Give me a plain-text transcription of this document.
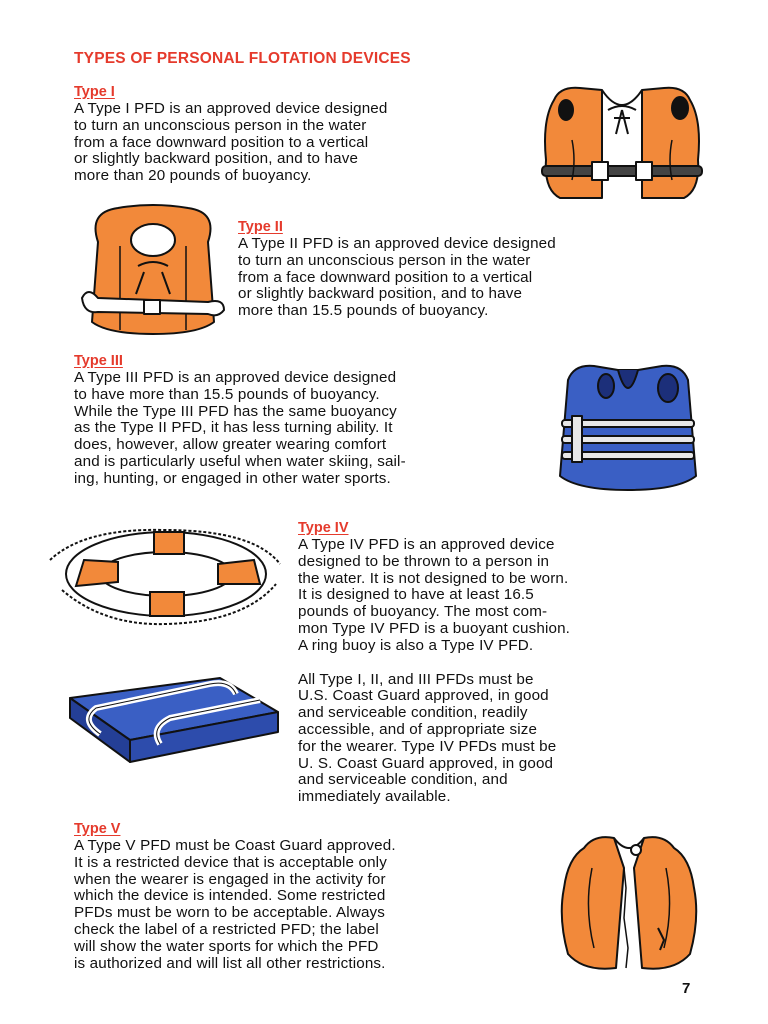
TYPES OF PERSONAL FLOTATION DEVICES

Type I

A Type I PFD is an approved device designed
to turn an unconscious person in the water
from a face downward position to a vertical
or slightly backward position, and to have
more than 20 pounds of buoyancy.

Type II

A Type II PFD is an approved device designed
to turn an unconscious person in the water
from a face downward position to a vertical
or slightly backward position, and to have
more than 15.5 pounds of buoyancy.

Type III

A Type III PFD is an approved device designed
to have more than 15.5 pounds of buoyancy.
While the Type III PFD has the same buoyancy
as the Type II PFD, it has less turning ability. It
does, however, allow greater wearing comfort
and is particularly useful when water skiing, sail-
ing, hunting, or engaged in other water sports.

Type IV

A Type IV PFD is an approved device
designed to be thrown to a person in
the water. It is not designed to be worn.
It is designed to have at least 16.5
pounds of buoyancy. The most com-
mon Type IV PFD is a buoyant cushion.
A ring buoy is also a Type IV PFD.
All Type I, II, and III PFDs must be
U.S. Coast Guard approved, in good
and serviceable condition, readily
accessible, and of appropriate size
for the wearer. Type IV PFDs must be
U. S. Coast Guard approved, in good
and serviceable condition, and
immediately available.

Type V

A Type V PFD must be Coast Guard approved.
It is a restricted device that is acceptable only
when the wearer is engaged in the activity for
which the device is intended. Some restricted
PFDs must be worn to be acceptable. Always
check the label of a restricted PFD; the label
will show the water sports for which the PFD
is authorized and will list all other restrictions.
7
